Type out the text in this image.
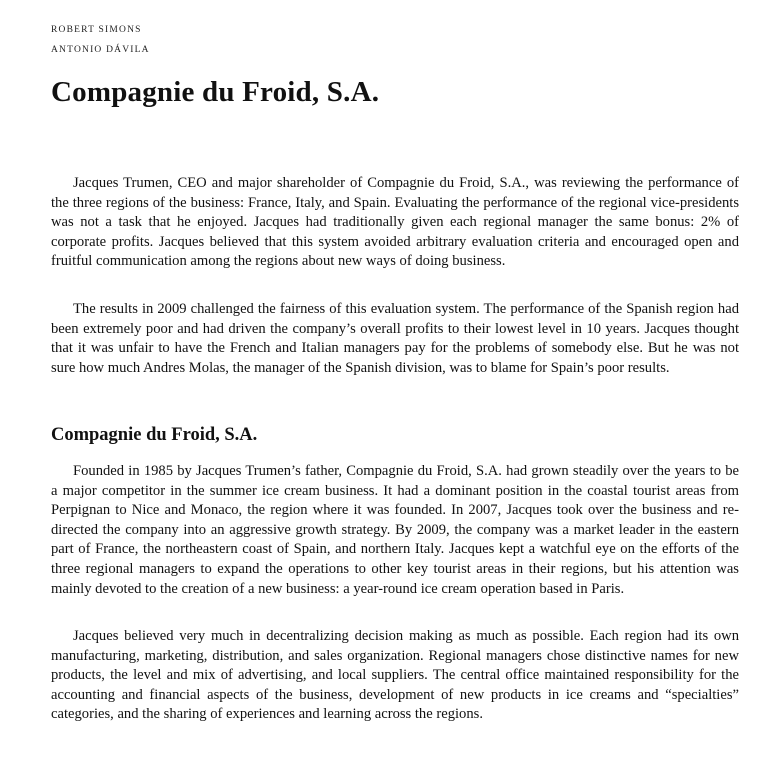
ROBERT SIMONS

ANTONIO DÁVILA

Compagnie du Froid, S.A.

Jacques Trumen, CEO and major shareholder of Compagnie du Froid, S.A., was reviewing the performance of the three regions of the business: France, Italy, and Spain. Evaluating the performance of the regional vice-presidents was not a task that he enjoyed. Jacques had traditionally given each regional manager the same bonus: 2% of corporate profits. Jacques believed that this system avoided arbitrary evaluation criteria and encouraged open and fruitful communication among the regions about new ways of doing business.

The results in 2009 challenged the fairness of this evaluation system. The performance of the Spanish region had been extremely poor and had driven the company’s overall profits to their lowest level in 10 years. Jacques thought that it was unfair to have the French and Italian managers pay for the problems of somebody else. But he was not sure how much Andres Molas, the manager of the Spanish division, was to blame for Spain’s poor results.

Compagnie du Froid, S.A.

Founded in 1985 by Jacques Trumen’s father, Compagnie du Froid, S.A. had grown steadily over the years to be a major competitor in the summer ice cream business. It had a dominant position in the coastal tourist areas from Perpignan to Nice and Monaco, the region where it was founded. In 2007, Jacques took over the business and re-directed the company into an aggressive growth strategy. By 2009, the company was a market leader in the eastern part of France, the northeastern coast of Spain, and northern Italy. Jacques kept a watchful eye on the efforts of the three regional managers to expand the operations to other key tourist areas in their regions, but his attention was mainly devoted to the creation of a new business: a year-round ice cream operation based in Paris.

Jacques believed very much in decentralizing decision making as much as possible. Each region had its own manufacturing, marketing, distribution, and sales organization. Regional managers chose distinctive names for new products, the level and mix of advertising, and local suppliers. The central office maintained responsibility for the accounting and financial aspects of the business, development of new products in ice creams and “specialties” categories, and the sharing of experiences and learning across the regions.
